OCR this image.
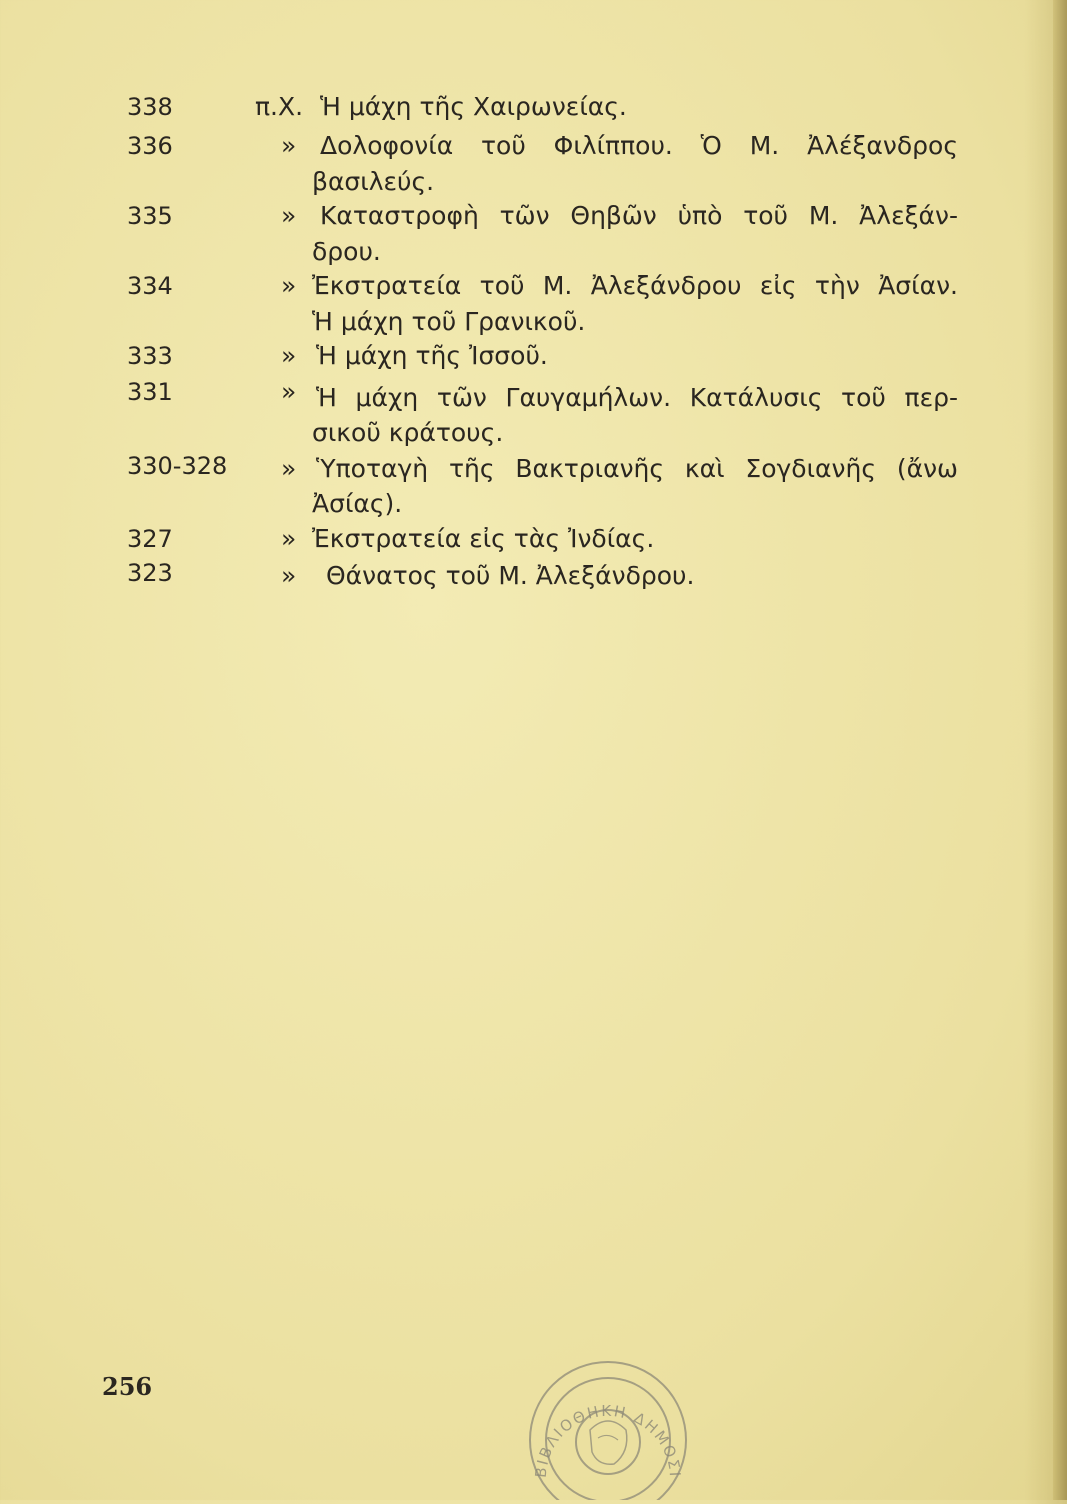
338	π.Χ. Ἡ μάχη τῆς Χαιρωνείας.
336	» Δολοφονία τοῦ Φιλίππου. Ὁ Μ. Ἀλέξανδρος
βασιλεύς.
335	» Καταστροφὴ τῶν Θηβῶν ὑπὸ τοῦ Μ. Ἀλεξάν-
δρου.
334	» Ἐκστρατεία τοῦ Μ. Ἀλεξάνδρου εἰς τὴν Ἀσίαν.
Ἡ μάχη τοῦ Γρανικοῦ.
333	» Ἡ μάχη τῆς Ἰσσοῦ.
331	» Ἡ μάχη τῶν Γαυγαμήλων. Κατάλυσις τοῦ περ-
σικοῦ κράτους.
330-328 » Ὑποταγὴ τῆς Βακτριανῆς καὶ Σογδιανῆς (ἄνω
Ἀσίας).
327	» Ἐκστρατεία εἰς τὰς Ἰνδίας.
323	» Θάνατος τοῦ Μ. Ἀλεξάνδρου.
256
ΒΙΒΛΙΟΘΗΚΗ ΔΗΜΟΣΙ
